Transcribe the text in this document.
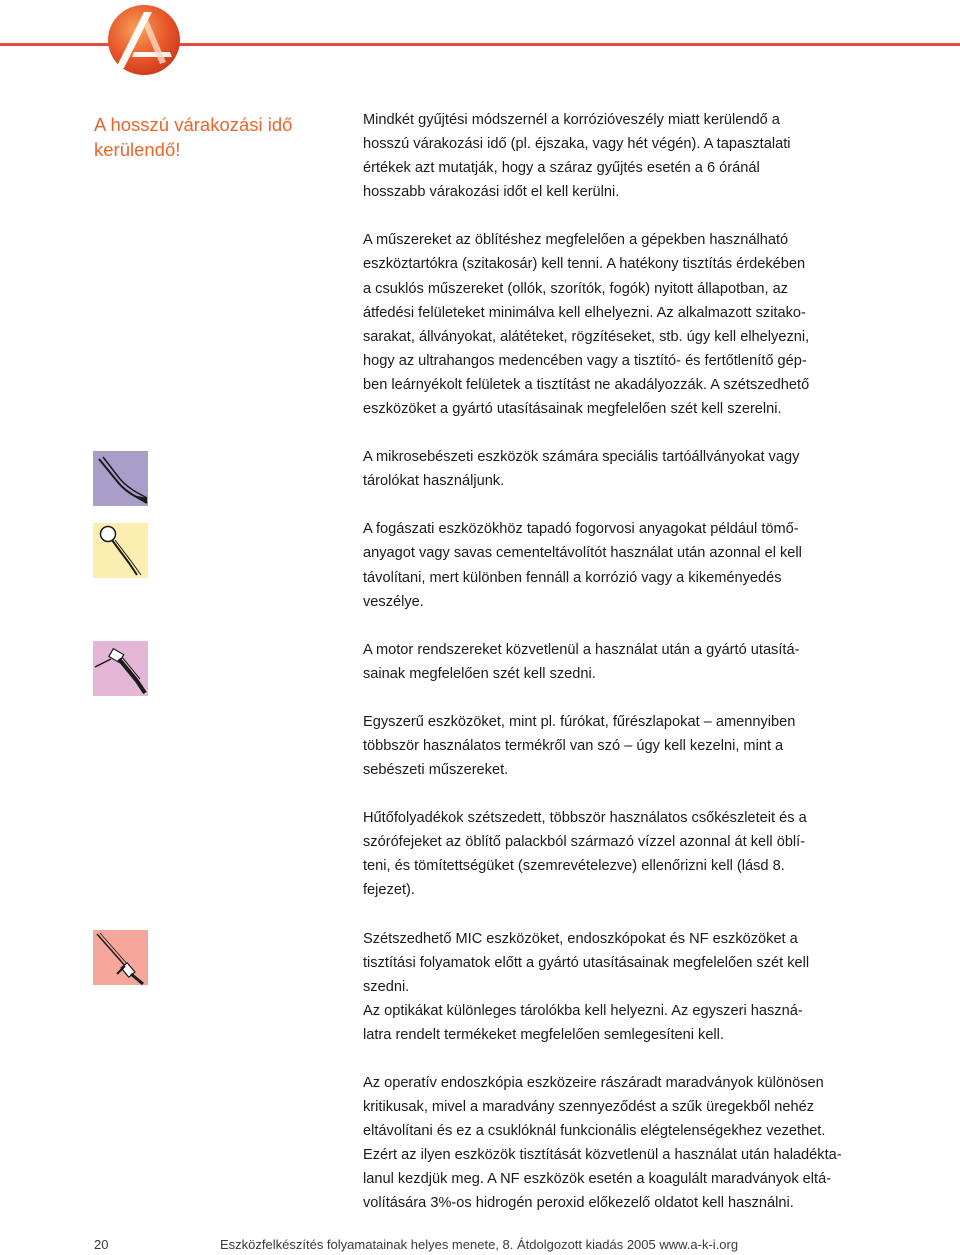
A hosszú várakozási idő
kerülendő!

Mindkét gyűjtési módszernél a korrózióveszély miatt kerülendő a
hosszú várakozási idő (pl. éjszaka, vagy hét végén). A tapasztalati
értékek azt mutatják, hogy a száraz gyűjtés esetén a 6 óránál
hosszabb várakozási időt el kell kerülni.

A műszereket az öblítéshez megfelelően a gépekben használható
eszköztartókra (szitakosár) kell tenni. A hatékony tisztítás érdekében
a csuklós műszereket (ollók, szorítók, fogók) nyitott állapotban, az
átfedési felületeket minimálva kell elhelyezni. Az alkalmazott szitako-
sarakat, állványokat, alátéteket, rögzítéseket, stb. úgy kell elhelyezni,
hogy az ultrahangos medencében vagy a tisztító- és fertőtlenítő gép-
ben leárnyékolt felületek a tisztítást ne akadályozzák. A szétszedhető
eszközöket a gyártó utasításainak megfelelően szét kell szerelni.

A mikrosebészeti eszközök számára speciális tartóállványokat vagy
tárolókat használjunk.

A fogászati eszközökhöz tapadó fogorvosi anyagokat például tömő-
anyagot vagy savas cementeltávolítót használat után azonnal el kell
távolítani, mert különben fennáll a korrózió vagy a kikeményedés
veszélye.

A motor rendszereket közvetlenül a használat után a gyártó utasítá-
sainak megfelelően szét kell szedni.

Egyszerű eszközöket, mint pl. fúrókat, fűrészlapokat – amennyiben
többször használatos termékről van szó – úgy kell kezelni, mint a
sebészeti műszereket.

Hűtőfolyadékok szétszedett, többször használatos csőkészleteit és a
szórófejeket az öblítő palackból származó vízzel azonnal át kell öblí-
teni, és tömítettségüket (szemrevételezve) ellenőrizni kell (lásd 8.
fejezet).

Szétszedhető MIC eszközöket, endoszkópokat és NF eszközöket a
tisztítási folyamatok előtt a gyártó utasításainak megfelelően szét kell
szedni.
Az optikákat különleges tárolókba kell helyezni. Az egyszeri haszná-
latra rendelt termékeket megfelelően semlegesíteni kell.

Az operatív endoszkópia eszközeire rászáradt maradványok különösen
kritikusak, mivel a maradvány szennyeződést a szűk üregekből nehéz
eltávolítani és ez a csuklóknál funkcionális elégtelenségekhez vezethet.
Ezért az ilyen eszközök tisztítását közvetlenül a használat után haladékta-
lanul kezdjük meg. A NF eszközök esetén a koagulált maradványok eltá-
volítására 3%-os hidrogén peroxid előkezelő oldatot kell használni.

20	Eszközfelkészítés folyamatainak helyes menete, 8. Átdolgozott kiadás 2005 www.a-k-i.org
